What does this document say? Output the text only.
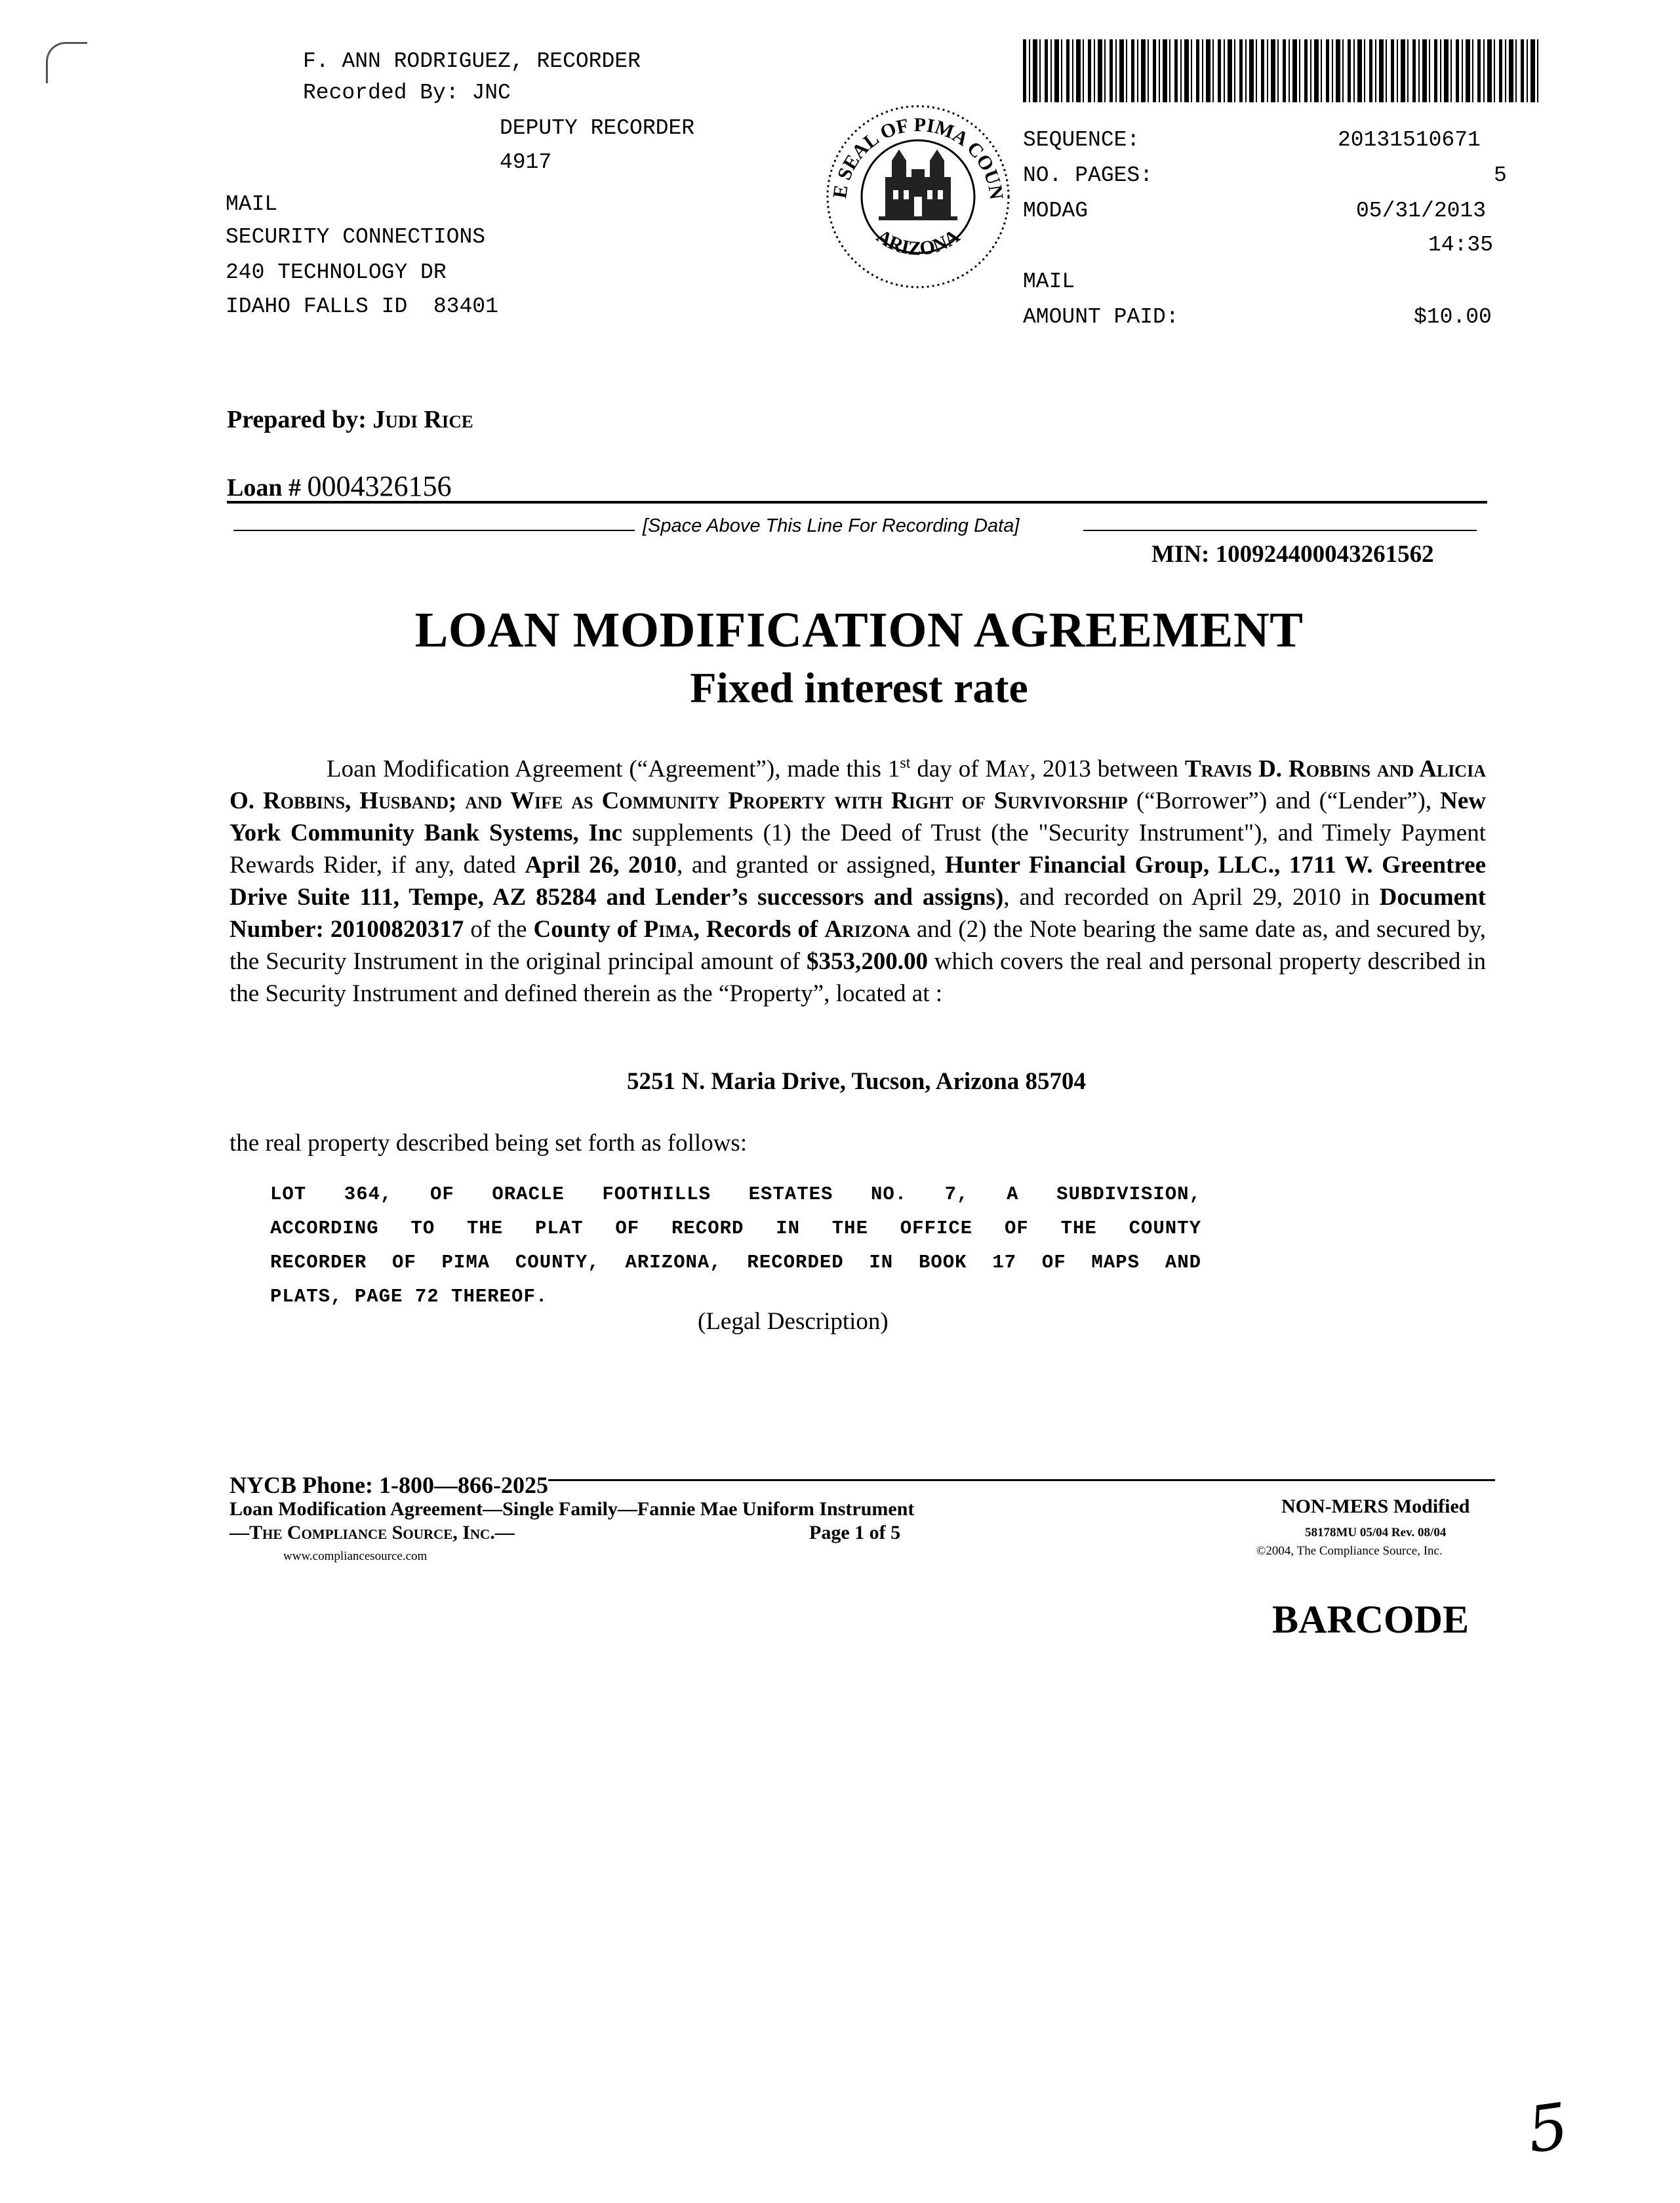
F. ANN RODRIGUEZ, RECORDER
Recorded By: JNC
DEPUTY RECORDER
4917
MAIL
SECURITY CONNECTIONS
240 TECHNOLOGY DR
IDAHO FALLS ID  83401
E SEAL OF PIMA COUN
ARIZONA
SEQUENCE:	20131510671
NO. PAGES:	5
MODAG	05/31/2013
14:35
MAIL
AMOUNT PAID:	$10.00
Prepared by: Judi Rice
Loan # 0004326156
[Space Above This Line For Recording Data]
MIN: 100924400043261562
LOAN MODIFICATION AGREEMENT
Fixed interest rate
Loan Modification Agreement (“Agreement”), made this 1st day of May, 2013 between Travis D. Robbins and Alicia O. Robbins, Husband; and Wife as Community Property with Right of Survivorship (“Borrower”) and (“Lender”), New York Community Bank Systems, Inc supplements (1) the Deed of Trust (the "Security Instrument"), and Timely Payment Rewards Rider, if any, dated April 26, 2010, and granted or assigned, Hunter Financial Group, LLC., 1711 W. Greentree Drive Suite 111, Tempe, AZ 85284 and Lender’s successors and assigns), and recorded on April 29, 2010 in Document Number: 20100820317 of the County of Pima, Records of Arizona and (2) the Note bearing the same date as, and secured by, the Security Instrument in the original principal amount of $353,200.00 which covers the real and personal property described in the Security Instrument and defined therein as the “Property”, located at :
5251 N. Maria Drive, Tucson, Arizona 85704
the real property described being set forth as follows:
LOT 364, OF ORACLE FOOTHILLS ESTATES NO. 7, A SUBDIVISION,
ACCORDING TO THE PLAT OF RECORD IN THE OFFICE OF THE COUNTY
RECORDER OF PIMA COUNTY, ARIZONA, RECORDED IN BOOK 17 OF MAPS AND
PLATS, PAGE 72 THEREOF.
(Legal Description)
NYCB Phone: 1-800—866-2025
Loan Modification Agreement—Single Family—Fannie Mae Uniform Instrument
—The Compliance Source, Inc.—
www.compliancesource.com
Page 1 of 5
NON-MERS Modified
58178MU 05/04 Rev. 08/04
©2004, The Compliance Source, Inc.
BARCODE
5
